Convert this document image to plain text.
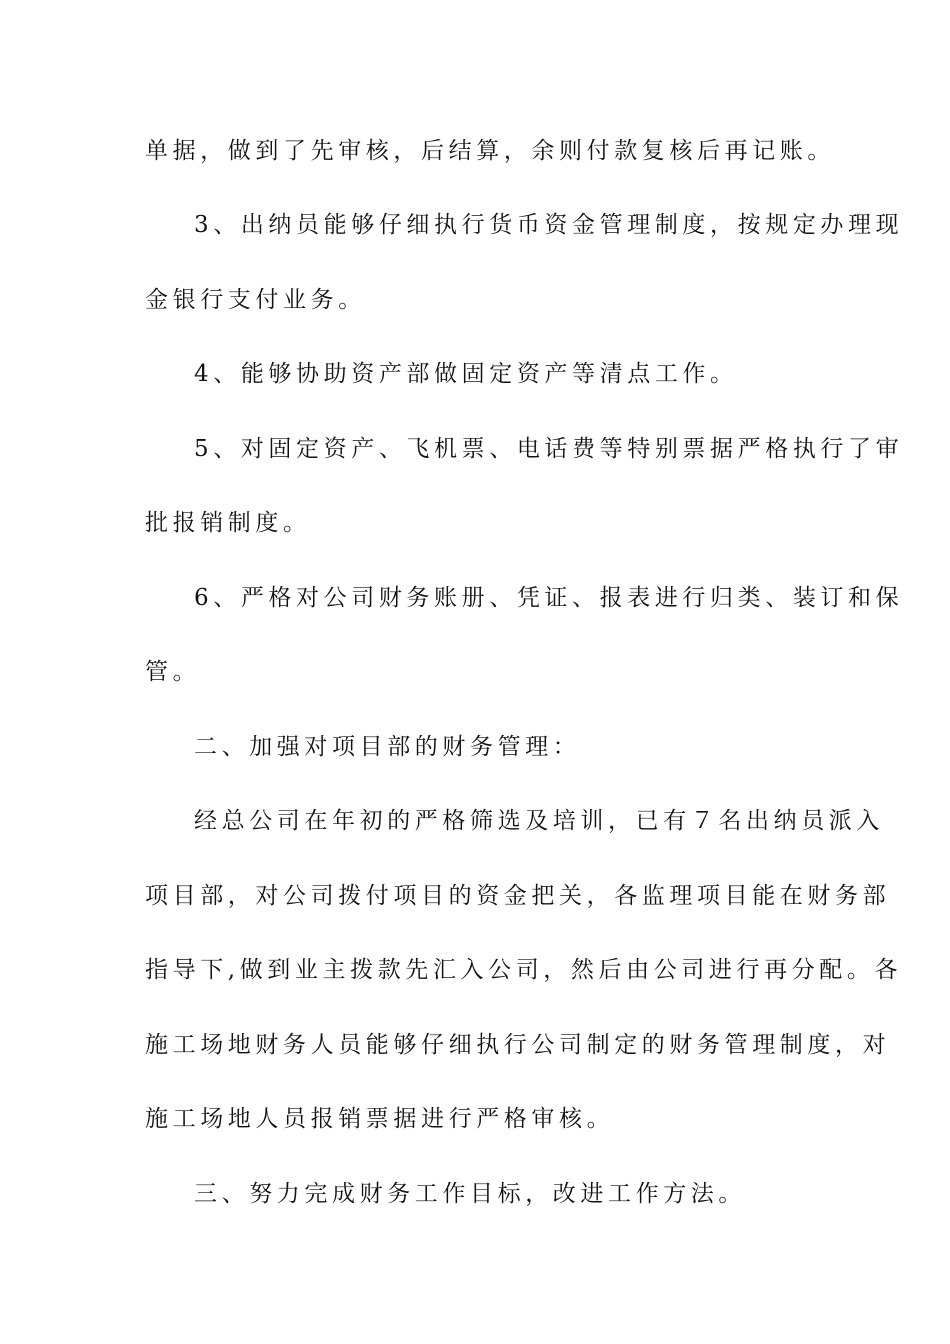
单据，做到了先审核，后结算，余则付款复核后再记账。
3、出纳员能够仔细执行货币资金管理制度，按规定办理现
金银行支付业务。
4、能够协助资产部做固定资产等清点工作。
5、对固定资产、飞机票、电话费等特别票据严格执行了审
批报销制度。
6、严格对公司财务账册、凭证、报表进行归类、装订和保
管。
二、加强对项目部的财务管理：
经总公司在年初的严格筛选及培训，已有７名出纳员派入
项目部，对公司拨付项目的资金把关，各监理项目能在财务部
指导下,做到业主拨款先汇入公司，然后由公司进行再分配。各
施工场地财务人员能够仔细执行公司制定的财务管理制度，对
施工场地人员报销票据进行严格审核。
三、努力完成财务工作目标，改进工作方法。
